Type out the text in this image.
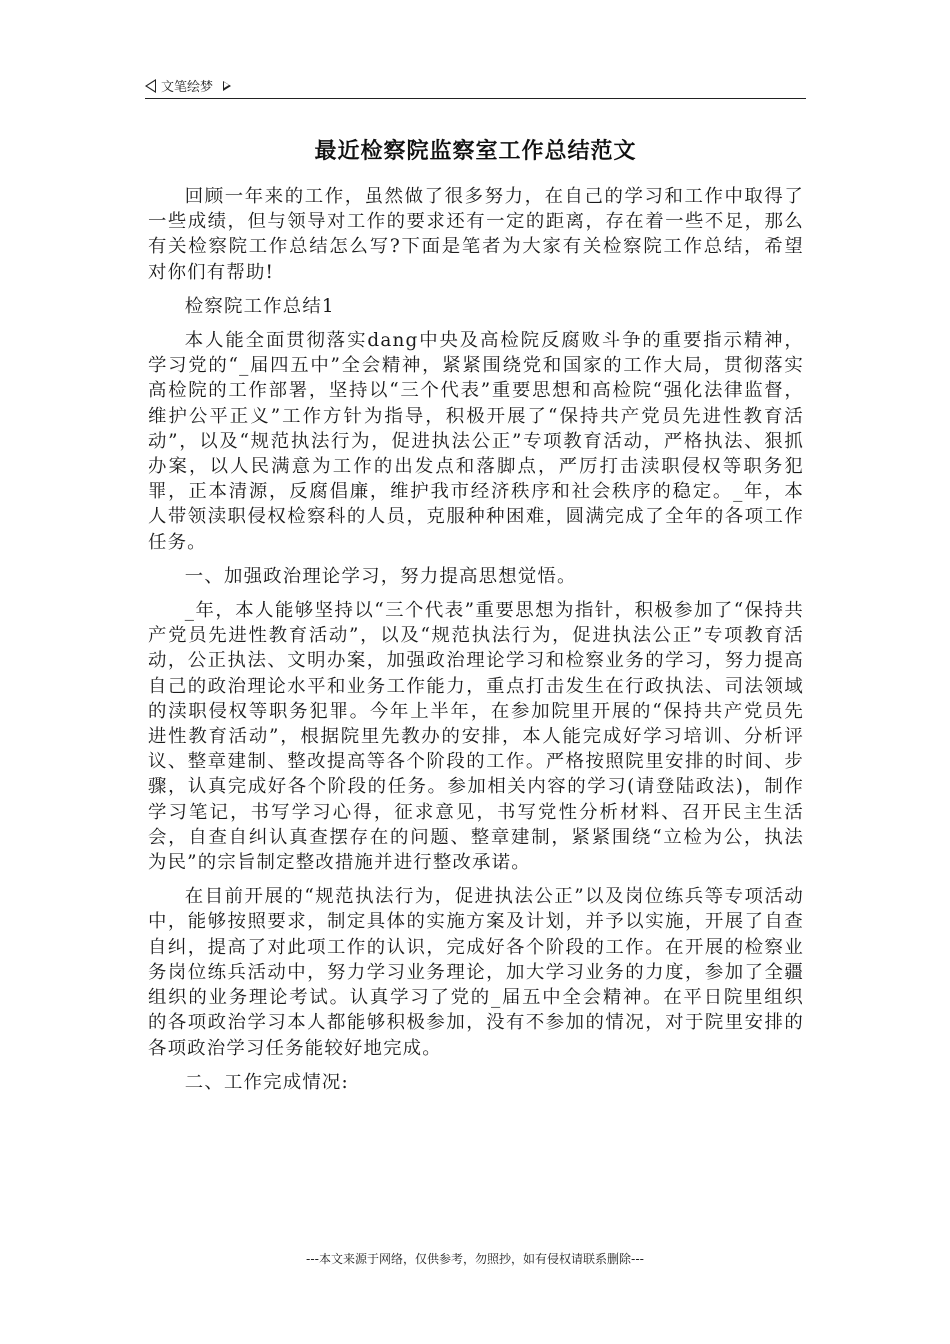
文笔绘梦
最近检察院监察室工作总结范文

回顾一年来的工作，虽然做了很多努力，在自己的学习和工作中取得了一些成绩，但与领导对工作的要求还有一定的距离，存在着一些不足，那么有关检察院工作总结怎么写?下面是笔者为大家有关检察院工作总结，希望对你们有帮助!

检察院工作总结1

本人能全面贯彻落实dang中央及高检院反腐败斗争的重要指示精神，学习党的“_届四五中”全会精神，紧紧围绕党和国家的工作大局，贯彻落实高检院的工作部署，坚持以“三个代表”重要思想和高检院“强化法律监督，维护公平正义”工作方针为指导，积极开展了“保持共产党员先进性教育活动”，以及“规范执法行为，促进执法公正”专项教育活动，严格执法、狠抓办案，以人民满意为工作的出发点和落脚点，严厉打击渎职侵权等职务犯罪，正本清源，反腐倡廉，维护我市经济秩序和社会秩序的稳定。_年，本人带领渎职侵权检察科的人员，克服种种困难，圆满完成了全年的各项工作任务。

一、加强政治理论学习，努力提高思想觉悟。

_年，本人能够坚持以“三个代表”重要思想为指针，积极参加了“保持共产党员先进性教育活动”，以及“规范执法行为，促进执法公正”专项教育活动，公正执法、文明办案，加强政治理论学习和检察业务的学习，努力提高自己的政治理论水平和业务工作能力，重点打击发生在行政执法、司法领域的渎职侵权等职务犯罪。今年上半年，在参加院里开展的“保持共产党员先进性教育活动”，根据院里先教办的安排，本人能完成好学习培训、分析评议、整章建制、整改提高等各个阶段的工作。严格按照院里安排的时间、步骤，认真完成好各个阶段的任务。参加相关内容的学习(请登陆政法)，制作学习笔记，书写学习心得，征求意见，书写党性分析材料、召开民主生活会，自查自纠认真查摆存在的问题、整章建制，紧紧围绕“立检为公，执法为民”的宗旨制定整改措施并进行整改承诺。

在目前开展的“规范执法行为，促进执法公正”以及岗位练兵等专项活动中，能够按照要求，制定具体的实施方案及计划，并予以实施，开展了自查自纠，提高了对此项工作的认识，完成好各个阶段的工作。在开展的检察业务岗位练兵活动中，努力学习业务理论，加大学习业务的力度，参加了全疆组织的业务理论考试。认真学习了党的_届五中全会精神。在平日院里组织的各项政治学习本人都能够积极参加，没有不参加的情况，对于院里安排的各项政治学习任务能较好地完成。

二、工作完成情况:

---本文来源于网络，仅供参考，勿照抄，如有侵权请联系删除---
